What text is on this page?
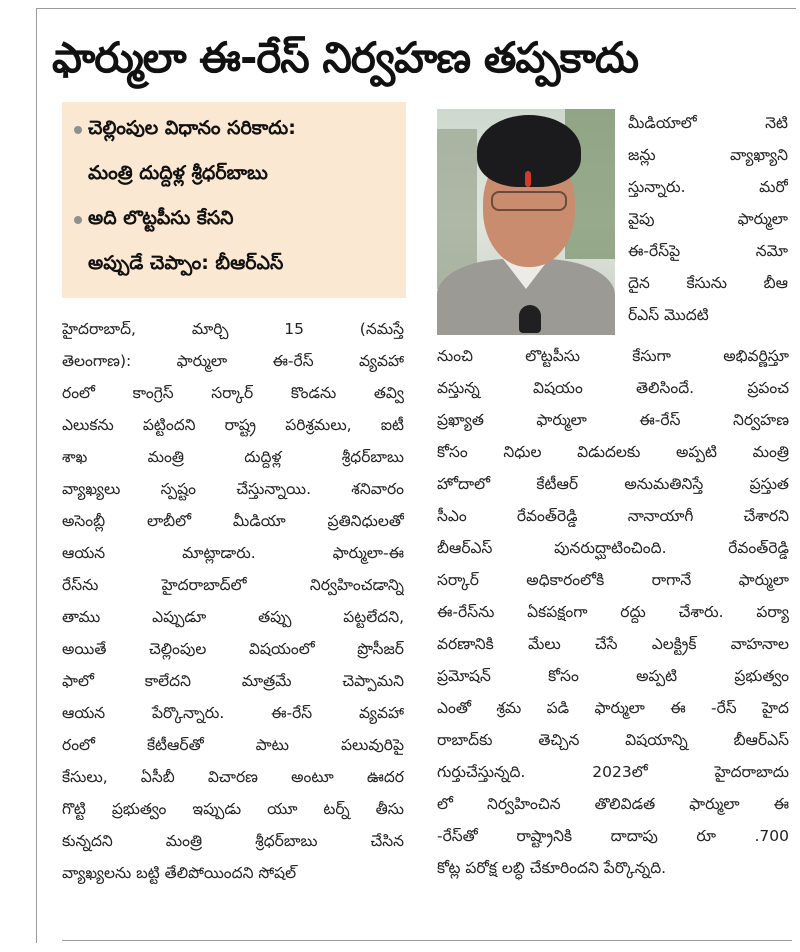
ఫార్ములా ఈ-రేస్ నిర్వహణ తప్పకాదు
చెల్లింపుల విధానం సరికాదు:
మంత్రి దుద్దిళ్ల శ్రీధర్‌బాబు
అది లొట్టపీసు కేసని
అప్పుడే చెప్పాం: బీఆర్‌ఎస్
హైదరాబాద్, మార్చి 15 (నమస్తే
తెలంగాణ): ఫార్ములా ఈ-రేస్ వ్యవహా
రంలో కాంగ్రెస్ సర్కార్ కొండను తవ్వి
ఎలుకను పట్టిందని రాష్ట్ర పరిశ్రమలు, ఐటీ
శాఖ మంత్రి దుద్దిళ్ల శ్రీధర్‌బాబు
వ్యాఖ్యలు స్పష్టం చేస్తున్నాయి. శనివారం
అసెంబ్లీ లాబీలో మీడియా ప్రతినిధులతో
ఆయన మాట్లాడారు. ఫార్ములా-ఈ
రేస్‌ను హైదరాబాద్‌లో నిర్వహించడాన్ని
తాము ఎప్పుడూ తప్పు పట్టలేదని,
అయితే చెల్లింపుల విషయంలో ప్రొసీజర్
ఫాలో కాలేదని మాత్రమే చెప్పామని
ఆయన పేర్కొన్నారు. ఈ-రేస్ వ్యవహా
రంలో కేటీఆర్‌తో పాటు పలువురిపై
కేసులు, ఏసీబీ విచారణ అంటూ ఊదర
గొట్టి ప్రభుత్వం ఇప్పుడు యూ టర్న్ తీసు
కున్నదని మంత్రి శ్రీధర్‌బాబు చేసిన
వ్యాఖ్యలను బట్టి తేలిపోయిందని సోషల్
మీడియాలో నెటి
జన్లు వ్యాఖ్యాని
స్తున్నారు. మరో
వైపు ఫార్ములా
ఈ-రేస్‌పై నమో
దైన కేసును బీఆ
ర్‌ఎస్ మొదటి
నుంచి లొట్టపీసు కేసుగా అభివర్ణిస్తూ
వస్తున్న విషయం తెలిసిందే. ప్రపంచ
ప్రఖ్యాత ఫార్ములా ఈ-రేస్ నిర్వహణ
కోసం నిధుల విడుదలకు అప్పటి మంత్రి
హోదాలో కేటీఆర్ అనుమతినిస్తే ప్రస్తుత
సీఎం రేవంత్‌రెడ్డి నానాయాగీ చేశారని
బీఆర్‌ఎస్ పునరుద్ఘాటించింది. రేవంత్‌రెడ్డి
సర్కార్ అధికారంలోకి రాగానే ఫార్ములా
ఈ-రేస్‌ను ఏకపక్షంగా రద్దు చేశారు. పర్యా
వరణానికి మేలు చేసే ఎలక్ట్రిక్ వాహనాల
ప్రమోషన్ కోసం అప్పటి ప్రభుత్వం
ఎంతో శ్రమ పడి ఫార్ములా ఈ -రేస్ హైద
రాబాద్‌కు తెచ్చిన విషయాన్ని బీఆర్‌ఎస్
గుర్తుచేస్తున్నది. 2023లో హైదరాబాదు
లో నిర్వహించిన తొలివిడత ఫార్ములా ఈ
-రేస్‌తో రాష్ట్రానికి దాదాపు రూ .700
కోట్ల పరోక్ష లబ్ధి చేకూరిందని పేర్కొన్నది.
